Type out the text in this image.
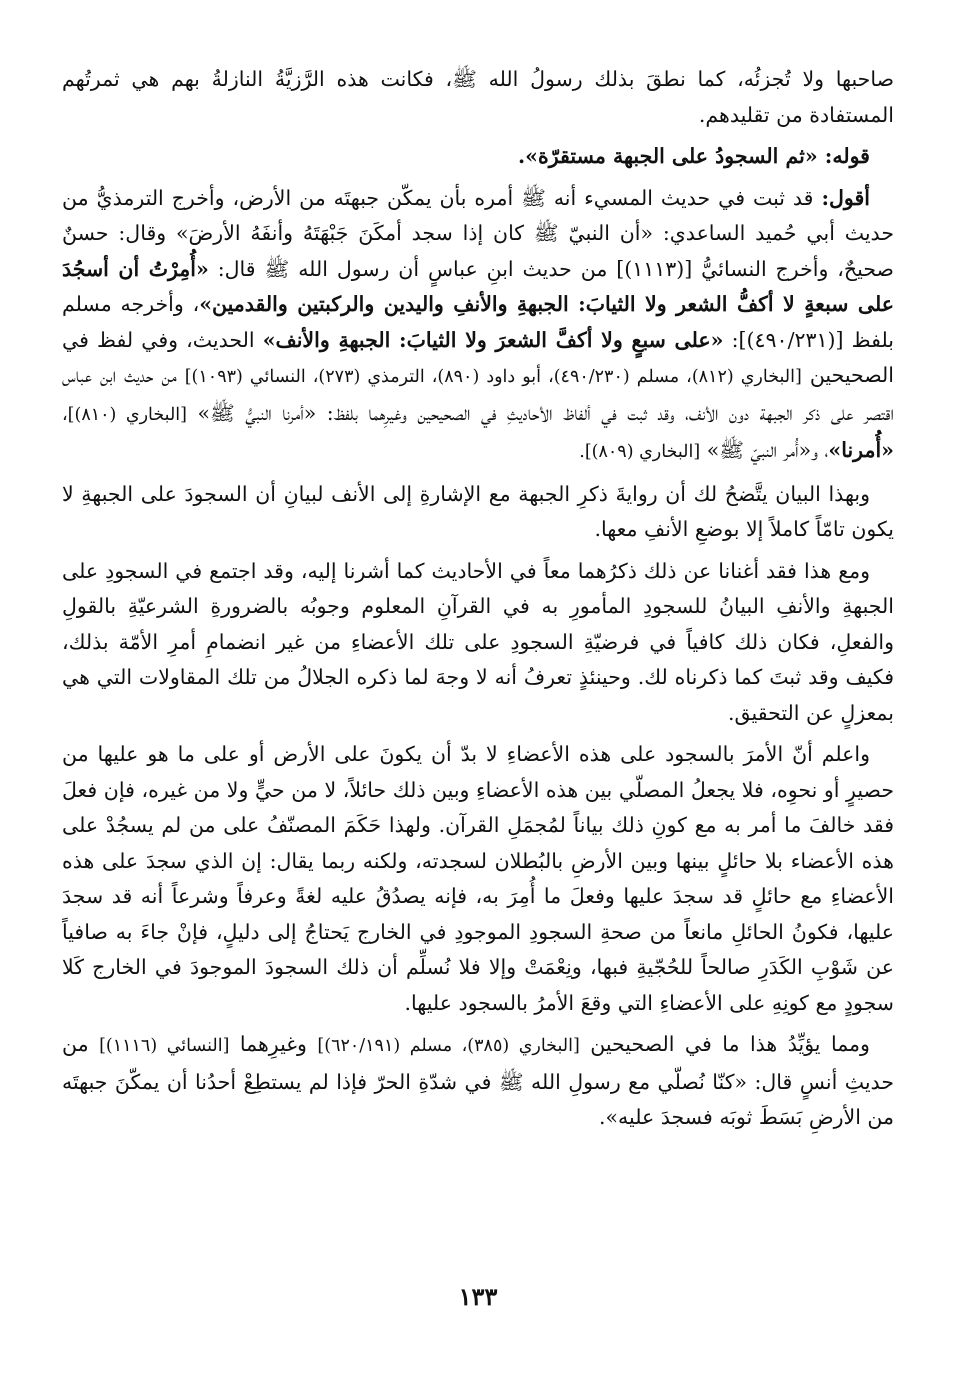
صاحبها ولا تُجزئُه، كما نطقَ بذلك رسولُ الله ﷺ، فكانت هذه الرَّزيَّةُ النازلةُ بهم هي ثمرتُهم المستفادة من تقليدهم.

قوله: «ثم السجودُ على الجبهة مستقرّة».

أقول: قد ثبت في حديث المسيء أنه ﷺ أمره بأن يمكّن جبهتَه من الأرض، وأخرج الترمذيُّ من حديث أبي حُميد الساعدي: «أن النبيّ ﷺ كان إذا سجد أمكَنَ جَبْهَتَهُ وأنفَهُ الأرضَ» وقال: حسنٌ صحيحٌ، وأخرج النسائيُّ [(١١١٣)] من حديث ابنِ عباسٍ أن رسول الله ﷺ قال: «أُمِرْتُ أن أسجُدَ على سبعةٍ لا أكفُّ الشعر ولا الثيابَ: الجبهةِ والأنفِ واليدين والركبتين والقدمين»، وأخرجه مسلم بلفظ [(٤٩٠/٢٣١)]: «على سبعٍ ولا أكفَّ الشعرَ ولا الثيابَ: الجبهةِ والأنف» الحديث، وفي لفظ في الصحيحين [البخاري (٨١٢)، مسلم (٤٩٠/٢٣٠)، أبو داود (٨٩٠)، الترمذي (٢٧٣)، النسائي (١٠٩٣)] من حديث ابن عباس اقتصر على ذكر الجبهة دون الأنف، وقد ثبت في ألفاظ الأحاديثِ في الصحيحين وغيرِهما بلفظ: «أمرنا النبيُّ ﷺ» [البخاري (٨١٠)]، «أُمرنا»، و«أُمر النبيّ ﷺ» [البخاري (٨٠٩)].

وبهذا البيان يتَّضحُ لك أن روايةَ ذكرِ الجبهة مع الإشارةِ إلى الأنف لبيانِ أن السجودَ على الجبهةِ لا يكون تامّاً كاملاً إلا بوضعِ الأنفِ معها.

ومع هذا فقد أغنانا عن ذلك ذكرُهما معاً في الأحاديث كما أشرنا إليه، وقد اجتمع في السجودِ على الجبهةِ والأنفِ البيانُ للسجودِ المأمورِ به في القرآنِ المعلوم وجوبُه بالضرورةِ الشرعيّةِ بالقولِ والفعلِ، فكان ذلك كافياً في فرضيّةِ السجودِ على تلك الأعضاءِ من غير انضمامِ أمرِ الأمّة بذلك، فكيف وقد ثبتَ كما ذكرناه لك. وحينئذٍ تعرفُ أنه لا وجهَ لما ذكره الجلالُ من تلك المقاولات التي هي بمعزلٍ عن التحقيق.

واعلم أنّ الأمرَ بالسجود على هذه الأعضاءِ لا بدّ أن يكونَ على الأرض أو على ما هو عليها من حصيرٍ أو نحوِه، فلا يجعلُ المصلّي بين هذه الأعضاءِ وبين ذلك حائلاً، لا من حيٍّ ولا من غيره، فإن فعلَ فقد خالفَ ما أمر به مع كونِ ذلك بياناً لمُجمَلِ القرآن. ولهذا حَكَمَ المصنّفُ على من لم يسجُدْ على هذه الأعضاء بلا حائلٍ بينها وبين الأرضِ بالبُطلان لسجدته، ولكنه ربما يقال: إن الذي سجدَ على هذه الأعضاءِ مع حائلٍ قد سجدَ عليها وفعلَ ما أُمِرَ به، فإنه يصدُقُ عليه لغةً وعرفاً وشرعاً أنه قد سجدَ عليها، فكونُ الحائلِ مانعاً من صحةِ السجودِ الموجودِ في الخارج يَحتاجُ إلى دليلٍ، فإنْ جاءَ به صافياً عن شَوْبِ الكَدَرِ صالحاً للحُجّيةِ فبها، ونِعْمَتْ وإلا فلا نُسلِّم أن ذلك السجودَ الموجودَ في الخارج كَلا سجودٍ مع كونِهِ على الأعضاءِ التي وقعَ الأمرُ بالسجود عليها.

ومما يؤيِّدُ هذا ما في الصحيحين [البخاري (٣٨٥)، مسلم (٦٢٠/١٩١)] وغيرِهما [النسائي (١١١٦)] من حديثِ أنسٍ قال: «كنّا نُصلّي مع رسولِ الله ﷺ في شدّةِ الحرّ فإذا لم يستطِعْ أحدُنا أن يمكّنَ جبهتَه من الأرضِ بَسَطَ ثوبَه فسجدَ عليه».

١٣٣
